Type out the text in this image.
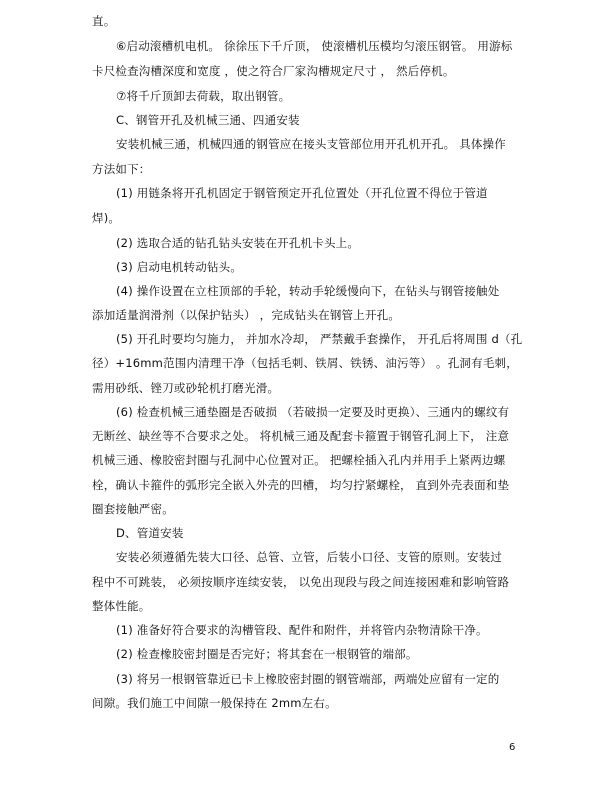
直。
⑥启动滚槽机电机。 徐徐压下千斤顶， 使滚槽机压模均匀滚压钢管。 用游标
卡尺检查沟槽深度和宽度 ，使之符合厂家沟槽规定尺寸 ， 然后停机。
⑦将千斤顶卸去荷载，取出钢管。
C、钢管开孔及机械三通、四通安装
安装机械三通，机械四通的钢管应在接头支管部位用开孔机开孔。 具体操作
方法如下：
(1) 用链条将开孔机固定于钢管预定开孔位置处（开孔位置不得位于管道
焊)。
(2) 选取合适的钻孔钻头安装在开孔机卡头上。
(3) 启动电机转动钻头。
(4) 操作设置在立柱顶部的手轮，转动手轮缓慢向下，在钻头与钢管接触处
添加适量润滑剂（以保护钻头） ，完成钻头在钢管上开孔。
(5) 开孔时要均匀施力， 并加水冷却， 严禁戴手套操作， 开孔后将周围 d（孔
径）+16mm范围内清理干净（包括毛刺、铁屑、铁锈、油污等） 。孔洞有毛刺，
需用砂纸、锉刀或砂轮机打磨光滑。
(6) 检查机械三通垫圈是否破损 （若破损一定要及时更换）、三通内的螺纹有
无断丝、缺丝等不合要求之处。 将机械三通及配套卡箍置于钢管孔洞上下， 注意
机械三通、橡胶密封圈与孔洞中心位置对正。 把螺栓插入孔内并用手上紧两边螺
栓，确认卡箍件的弧形完全嵌入外壳的凹槽， 均匀拧紧螺栓， 直到外壳表面和垫
圈套接触严密。
D、管道安装
安装必须遵循先装大口径、总管、立管，后装小口径、支管的原则。安装过
程中不可跳装， 必须按顺序连续安装， 以免出现段与段之间连接困难和影响管路
整体性能。
(1) 准备好符合要求的沟槽管段、配件和附件，并将管内杂物清除干净。
(2) 检查橡胶密封圈是否完好；将其套在一根钢管的端部。
(3) 将另一根钢管靠近已卡上橡胶密封圈的钢管端部，两端处应留有一定的
间隙。我们施工中间隙一般保持在 2mm左右。
6
